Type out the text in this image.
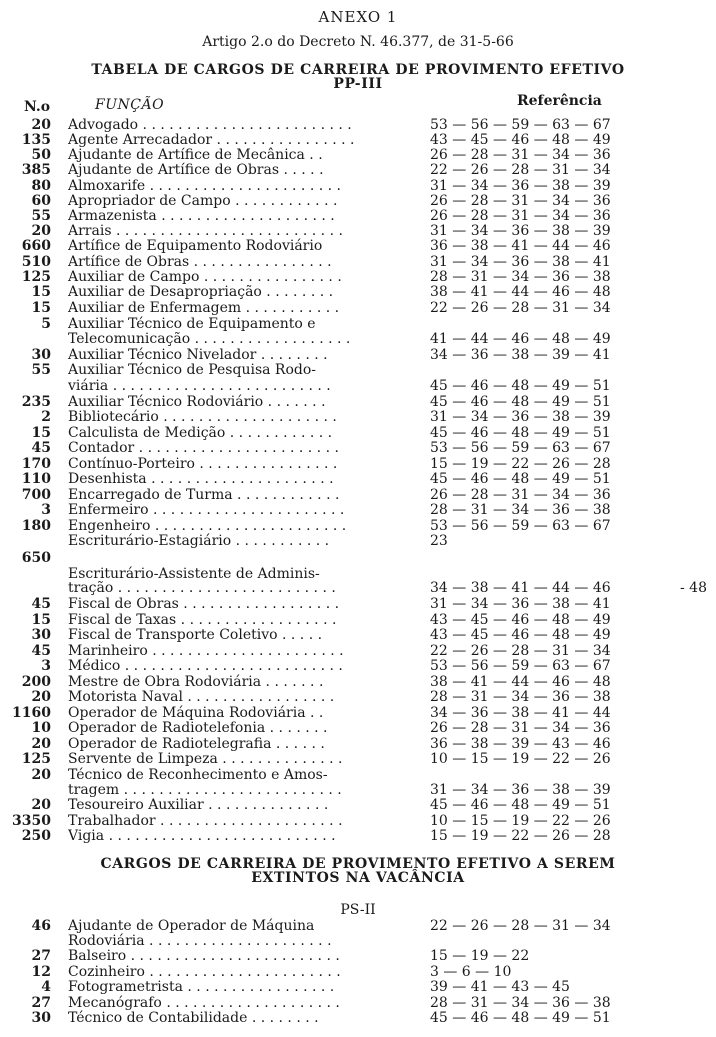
ANEXO 1
Artigo 2.o do Decreto N. 46.377, de 31-5-66
TABELA DE CARGOS DE CARREIRA DE PROVIMENTO EFETIVO
PP-III
N.o	FUNÇÃO	Referência
20 Advogado . . . . . . . . . . . . . . . . . . . . . . . .	53 — 56 — 59 — 63 — 67
135 Agente Arrecadador . . . . . . . . . . . . . . . .	43 — 45 — 46 — 48 — 49
50 Ajudante de Artífice de Mecânica . .	26 — 28 — 31 — 34 — 36
385 Ajudante de Artífice de Obras . . . . .	22 — 26 — 28 — 31 — 34
80 Almoxarife . . . . . . . . . . . . . . . . . . . . . .	31 — 34 — 36 — 38 — 39
60 Apropriador de Campo . . . . . . . . . . . .	26 — 28 — 31 — 34 — 36
55 Armazenista . . . . . . . . . . . . . . . . . . . .	26 — 28 — 31 — 34 — 36
20 Arrais . . . . . . . . . . . . . . . . . . . . . . . . . .	31 — 34 — 36 — 38 — 39
660 Artífice de Equipamento Rodoviário	36 — 38 — 41 — 44 — 46
510 Artífice de Obras . . . . . . . . . . . . . . . .	31 — 34 — 36 — 38 — 41
125 Auxiliar de Campo . . . . . . . . . . . . . . . .	28 — 31 — 34 — 36 — 38
15 Auxiliar de Desapropriação . . . . . . . .	38 — 41 — 44 — 46 — 48
15 Auxiliar de Enfermagem . . . . . . . . . . .	22 — 26 — 28 — 31 — 34
5 Auxiliar Técnico de Equipamento e
Telecomunicação . . . . . . . . . . . . . . . . . .	41 — 44 — 46 — 48 — 49
30 Auxiliar Técnico Nivelador . . . . . . . .	34 — 36 — 38 — 39 — 41
55 Auxiliar Técnico de Pesquisa Rodo-
viária . . . . . . . . . . . . . . . . . . . . . . . . .	45 — 46 — 48 — 49 — 51
235 Auxiliar Técnico Rodoviário . . . . . . .	45 — 46 — 48 — 49 — 51
2 Bibliotecário . . . . . . . . . . . . . . . . . . . .	31 — 34 — 36 — 38 — 39
15 Calculista de Medição . . . . . . . . . . . .	45 — 46 — 48 — 49 — 51
45 Contador . . . . . . . . . . . . . . . . . . . . . . .	53 — 56 — 59 — 63 — 67
170 Contínuo-Porteiro . . . . . . . . . . . . . . . .	15 — 19 — 22 — 26 — 28
110 Desenhista . . . . . . . . . . . . . . . . . . . . .	45 — 46 — 48 — 49 — 51
700 Encarregado de Turma . . . . . . . . . . . .	26 — 28 — 31 — 34 — 36
3 Enfermeiro . . . . . . . . . . . . . . . . . . . . . .	28 — 31 — 34 — 36 — 38
180 Engenheiro . . . . . . . . . . . . . . . . . . . . . .	53 — 56 — 59 — 63 — 67
Escriturário-Estagiário . . . . . . . . . . .	23
650
Escriturário-Assistente de Adminis-
tração . . . . . . . . . . . . . . . . . . . . . . . . .	34 — 38 — 41 — 44 — 46	- 48
45 Fiscal de Obras . . . . . . . . . . . . . . . . . .	31 — 34 — 36 — 38 — 41
15 Fiscal de Taxas . . . . . . . . . . . . . . . . . .	43 — 45 — 46 — 48 — 49
30 Fiscal de Transporte Coletivo . . . . .	43 — 45 — 46 — 48 — 49
45 Marinheiro . . . . . . . . . . . . . . . . . . . . . .	22 — 26 — 28 — 31 — 34
3 Médico . . . . . . . . . . . . . . . . . . . . . . . . .	53 — 56 — 59 — 63 — 67
200 Mestre de Obra Rodoviária . . . . . . .	38 — 41 — 44 — 46 — 48
20 Motorista Naval . . . . . . . . . . . . . . . . .	28 — 31 — 34 — 36 — 38
1160 Operador de Máquina Rodoviária . .	34 — 36 — 38 — 41 — 44
10 Operador de Radiotelefonia . . . . . . .	26 — 28 — 31 — 34 — 36
20 Operador de Radiotelegrafia . . . . . .	36 — 38 — 39 — 43 — 46
125 Servente de Limpeza . . . . . . . . . . . . . .	10 — 15 — 19 — 22 — 26
20 Técnico de Reconhecimento e Amos-
tragem . . . . . . . . . . . . . . . . . . . . . . . . .	31 — 34 — 36 — 38 — 39
20 Tesoureiro Auxiliar . . . . . . . . . . . . . .	45 — 46 — 48 — 49 — 51
3350 Trabalhador . . . . . . . . . . . . . . . . . . . . .	10 — 15 — 19 — 22 — 26
250 Vigia . . . . . . . . . . . . . . . . . . . . . . . . . .	15 — 19 — 22 — 26 — 28
CARGOS DE CARREIRA DE PROVIMENTO EFETIVO A SEREM
EXTINTOS NA VACÂNCIA
PS-II
46 Ajudante de Operador de Máquina	22 — 26 — 28 — 31 — 34
Rodoviária . . . . . . . . . . . . . . . . . . . . .
27 Balseiro . . . . . . . . . . . . . . . . . . . . . . . .	15 — 19 — 22
12 Cozinheiro . . . . . . . . . . . . . . . . . . . . . .	3 — 6 — 10
4 Fotogrametrista . . . . . . . . . . . . . . . . .	39 — 41 — 43 — 45
27 Mecanógrafo . . . . . . . . . . . . . . . . . . . .	28 — 31 — 34 — 36 — 38
30 Técnico de Contabilidade . . . . . . . .	45 — 46 — 48 — 49 — 51
